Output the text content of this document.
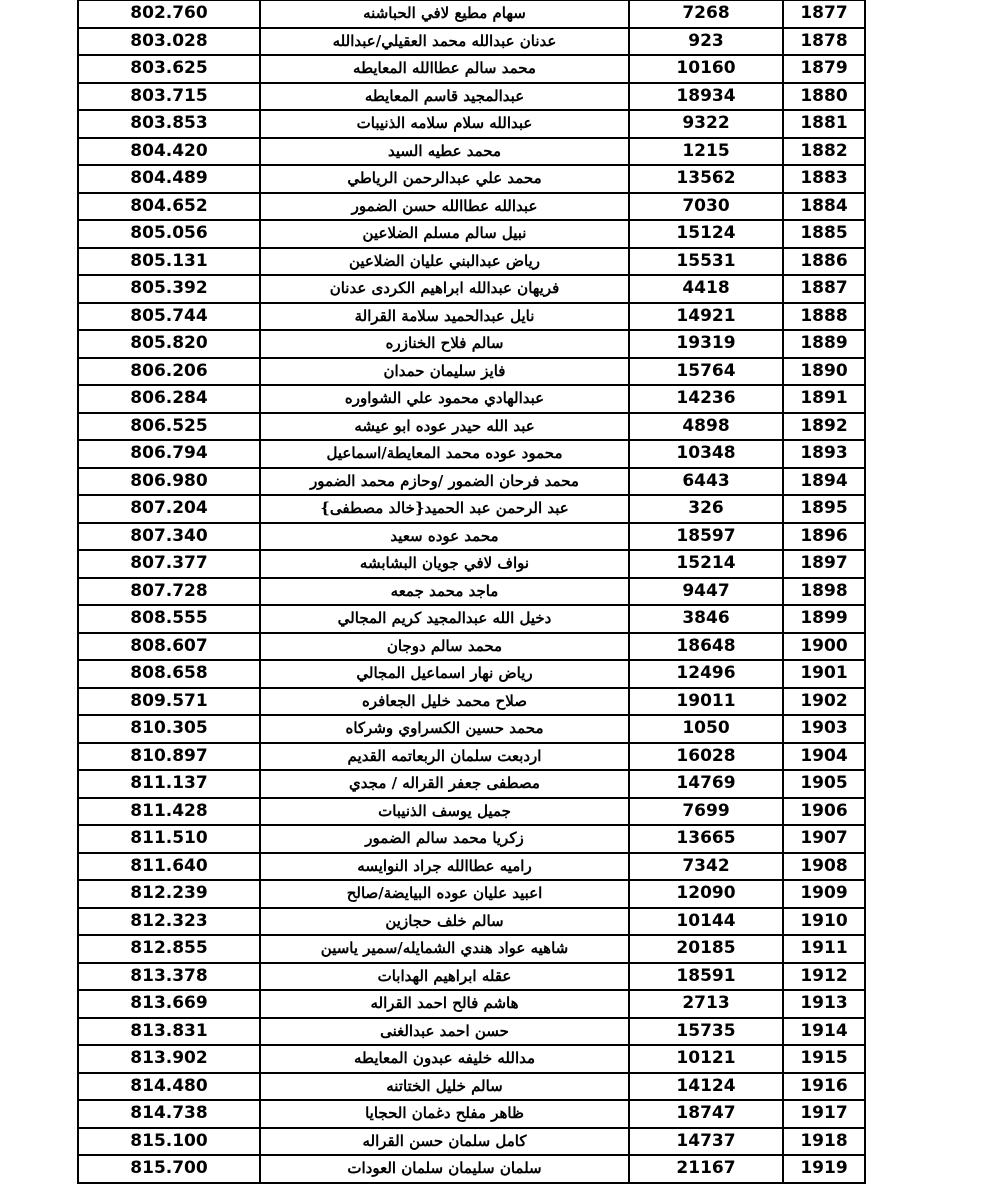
802.760	سهام مطيع لافي الحباشنه	7268	1877
803.028	عدنان عبدالله محمد العقيلي/عبدالله	923	1878
803.625	محمد سالم عطاالله المعايطه	10160	1879
803.715	عبدالمجيد قاسم المعايطه	18934	1880
803.853	عبدالله سلام سلامه الذنيبات	9322	1881
804.420	محمد عطيه السيد	1215	1882
804.489	محمد علي عبدالرحمن الرياطي	13562	1883
804.652	عبدالله عطاالله حسن الضمور	7030	1884
805.056	نبيل سالم مسلم الضلاعين	15124	1885
805.131	رياض عبدالبني عليان الضلاعين	15531	1886
805.392	فريهان عبدالله ابراهيم الكردى عدنان	4418	1887
805.744	نايل عبدالحميد سلامة القرالة	14921	1888
805.820	سالم فلاح الخنازره	19319	1889
806.206	فايز سليمان حمدان	15764	1890
806.284	عبدالهادي محمود علي الشواوره	14236	1891
806.525	عبد الله حيدر عوده ابو عيشه	4898	1892
806.794	محمود عوده محمد المعايطة/اسماعيل	10348	1893
806.980	محمد فرحان الضمور /وحازم محمد الضمور	6443	1894
807.204	عبد الرحمن عبد الحميد{خالد مصطفى}	326	1895
807.340	محمد عوده سعيد	18597	1896
807.377	نواف لافي جويان البشابشه	15214	1897
807.728	ماجد محمد جمعه	9447	1898
808.555	دخيل الله عبدالمجيد كريم المجالي	3846	1899
808.607	محمد سالم دوجان	18648	1900
808.658	رياض نهار اسماعيل المجالي	12496	1901
809.571	صلاح محمد خليل الجعافره	19011	1902
810.305	محمد حسين الكسراوي وشركاه	1050	1903
810.897	اردبعت سلمان الربعاتمه القديم	16028	1904
811.137	مصطفى جعفر القراله / مجدي	14769	1905
811.428	جميل يوسف الذنيبات	7699	1906
811.510	زكريا محمد سالم الضمور	13665	1907
811.640	راميه عطاالله جراد النوايسه	7342	1908
812.239	اعبيد عليان عوده البيايضة/صالح	12090	1909
812.323	سالم خلف حجازين	10144	1910
812.855	شاهيه عواد هندي الشمايله/سمير ياسين	20185	1911
813.378	عقله ابراهيم الهدابات	18591	1912
813.669	هاشم فالح احمد القراله	2713	1913
813.831	حسن احمد عبدالغنى	15735	1914
813.902	مدالله خليفه عبدون المعايطه	10121	1915
814.480	سالم خليل الختاتنه	14124	1916
814.738	ظاهر مفلح دغمان الحجايا	18747	1917
815.100	كامل سلمان حسن القراله	14737	1918
815.700	سلمان سليمان سلمان العودات	21167	1919
